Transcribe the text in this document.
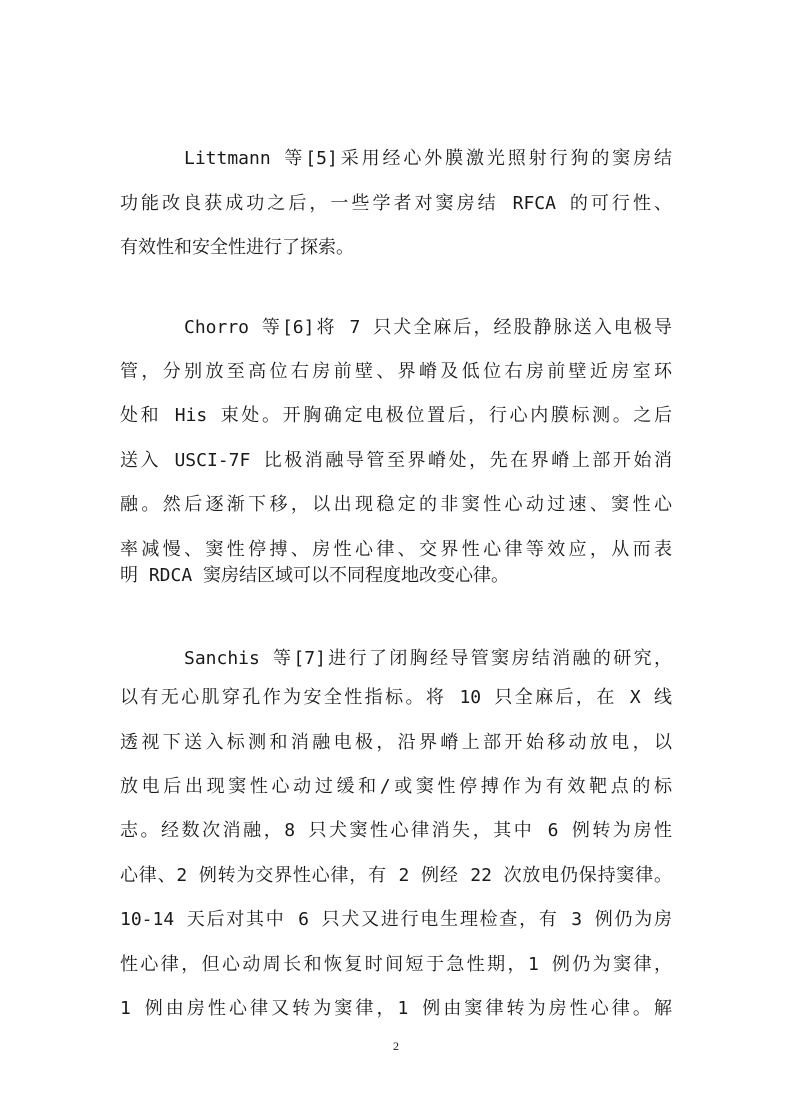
Littmann 等[5]采用经心外膜激光照射行狗的窦房结
功能改良获成功之后，一些学者对窦房结 RFCA 的可行性、
有效性和安全性进行了探索。
Chorro 等[6]将 7 只犬全麻后，经股静脉送入电极导
管，分别放至高位右房前壁、界嵴及低位右房前壁近房室环
处和 His 束处。开胸确定电极位置后，行心内膜标测。之后
送入 USCI-7F 比极消融导管至界嵴处，先在界嵴上部开始消
融。然后逐渐下移，以出现稳定的非窦性心动过速、窦性心
率减慢、窦性停搏、房性心律、交界性心律等效应，从而表
明 RDCA 窦房结区域可以不同程度地改变心律。
Sanchis 等[7]进行了闭胸经导管窦房结消融的研究，
以有无心肌穿孔作为安全性指标。将 10 只全麻后，在 X 线
透视下送入标测和消融电极，沿界嵴上部开始移动放电，以
放电后出现窦性心动过缓和/或窦性停搏作为有效靶点的标
志。经数次消融，8 只犬窦性心律消失，其中 6 例转为房性
心律、2 例转为交界性心律，有 2 例经 22 次放电仍保持窦律。
10-14 天后对其中 6 只犬又进行电生理检查，有 3 例仍为房
性心律，但心动周长和恢复时间短于急性期，1 例仍为窦律，
1 例由房性心律又转为窦律，1 例由窦律转为房性心律。解
2
